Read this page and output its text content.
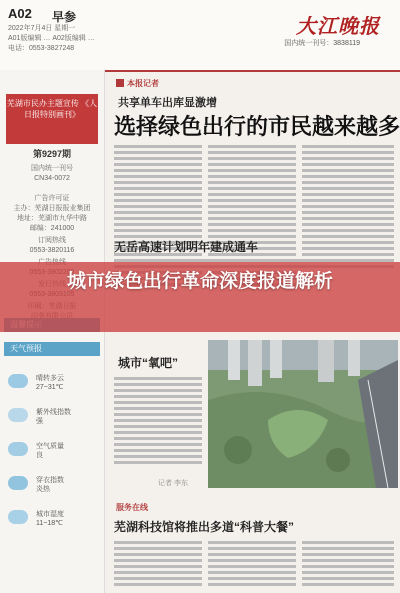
A02 早参
2022年7月4日 星期一
A01版编辑 … A02版编辑 …
电话：0553-3827248
大江晚报
国内统一刊号：3838119
芜湖市民办主题宣传 《人日报特别画刊》
第9297期
国内统一刊号
CN34-0072
广告许可证
主办：芜湖日报报业集团
地址：芜湖市九华中路
邮编：241000
订阅热线
0553-3820116
天气预报
晴转多云
27~31℃
紫外线指数
强
空气质量
良
穿衣指数
炎热
城市湿度
11~18℃
本报记者
共享单车出库显激增
选择绿色出行的市民越来越多
无岳高速计划明年建成通车
城市“氧吧”
记者 李东
服务在线
芜湖科技馆将推出多道“科普大餐”
城市绿色出行革命深度报道解析
